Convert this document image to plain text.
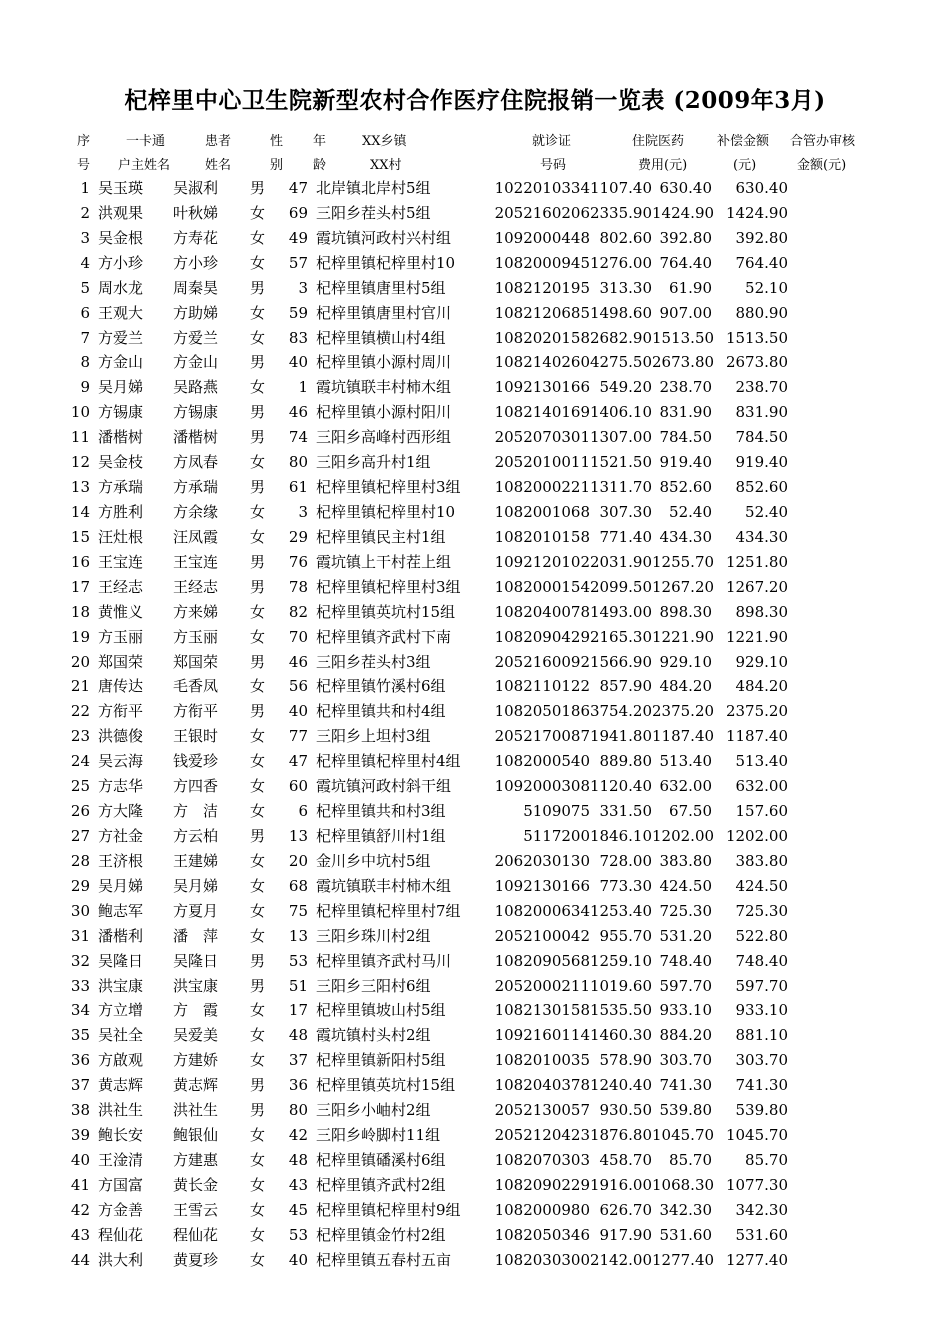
杞梓里中心卫生院新型农村合作医疗住院报销一览表 (2009年3月)
序	一卡通	患者	性 年	XX乡镇	就诊证	住院医药	补偿金额 合管办审核
号 户主姓名	姓名	别 龄	XX村	号码	费用(元)	(元)	金额(元)
1 吴玉瑛	吴淑利	男	47 北岸镇北岸村5组	1022010334 1107.40 630.40	630.40
2 洪观果	叶秋娣	女	69 三阳乡茬头村5组	2052160206 2335.90 1424.90 1424.90
3 吴金根	方寿花	女	49 霞坑镇河政村兴村组	1092000448 802.60 392.80	392.80
4 方小珍	方小珍	女	57 杞梓里镇杞梓里村10	1082000945 1276.00 764.40	764.40
5 周水龙	周秦昊	男	3 杞梓里镇唐里村5组	1082120195 313.30	61.90	52.10
6 王观大	方助娣	女	59 杞梓里镇唐里村官川	1082120685 1498.60 907.00	880.90
7 方爱兰	方爱兰	女	83 杞梓里镇横山村4组	1082020158 2682.90 1513.50 1513.50
8 方金山	方金山	男	40 杞梓里镇小源村周川	1082140260 4275.50 2673.80 2673.80
9 吴月娣	吴路燕	女	1 霞坑镇联丰村柿木组	1092130166 549.20 238.70	238.70
10 方锡康	方锡康	男	46 杞梓里镇小源村阳川	1082140169 1406.10 831.90	831.90
11 潘楷树	潘楷树	男	74 三阳乡高峰村西形组	2052070301 1307.00 784.50	784.50
12 吴金枝	方凤春	女	80 三阳乡高升村1组	2052010011 1521.50 919.40	919.40
13 方承瑞	方承瑞	男	61 杞梓里镇杞梓里村3组	1082000221 1311.70 852.60	852.60
14 方胜利	方余缘	女	3 杞梓里镇杞梓里村10	1082001068 307.30	52.40	52.40
15 汪灶根	汪凤霞	女	29 杞梓里镇民主村1组	1082010158 771.40 434.30	434.30
16 王宝连	王宝连	男	76 霞坑镇上干村茬上组	1092120102 2031.90 1255.70 1251.80
17 王经志	王经志	男	78 杞梓里镇杞梓里村3组	1082000154 2099.50 1267.20 1267.20
18 黄惟义	方来娣	女	82 杞梓里镇英坑村15组	1082040078 1493.00 898.30	898.30
19 方玉丽	方玉丽	女	70 杞梓里镇齐武村下南	1082090429 2165.30 1221.90 1221.90
20 郑国荣	郑国荣	男	46 三阳乡茬头村3组	2052160092 1566.90 929.10	929.10
21 唐传达	毛香凤	女	56 杞梓里镇竹溪村6组	1082110122 857.90 484.20	484.20
22 方衔平	方衔平	男	40 杞梓里镇共和村4组	1082050186 3754.20 2375.20 2375.20
23 洪德俊	王银时	女	77 三阳乡上坦村3组	2052170087 1941.80 1187.40 1187.40
24 吴云海	钱爱珍	女	47 杞梓里镇杞梓里村4组	1082000540 889.80 513.40	513.40
25 方志华	方四香	女	60 霞坑镇河政村斜干组	1092000308 1120.40 632.00	632.00
26 方大隆	方　洁	女	6 杞梓里镇共和村3组	5109075 331.50	67.50	157.60
27 方社金	方云柏	男	13 杞梓里镇舒川村1组	5117200 1846.10 1202.00 1202.00
28 王济根	王建娣	女	20 金川乡中坑村5组	2062030130 728.00 383.80	383.80
29 吴月娣	吴月娣	女	68 霞坑镇联丰村柿木组	1092130166 773.30 424.50	424.50
30 鲍志军	方夏月	女	75 杞梓里镇杞梓里村7组	1082000634 1253.40 725.30	725.30
31 潘楷利	潘　萍	女	13 三阳乡珠川村2组	2052100042 955.70 531.20	522.80
32 吴隆日	吴隆日	男	53 杞梓里镇齐武村马川	1082090568 1259.10 748.40	748.40
33 洪宝康	洪宝康	男	51 三阳乡三阳村6组	2052000211 1019.60 597.70	597.70
34 方立增	方　霞	女	17 杞梓里镇坡山村5组	1082130158 1535.50 933.10	933.10
35 吴社全	吴爱美	女	48 霞坑镇村头村2组	1092160114 1460.30 884.20	881.10
36 方啟观	方建娇	女	37 杞梓里镇新阳村5组	1082010035 578.90 303.70	303.70
37 黄志辉	黄志辉	男	36 杞梓里镇英坑村15组	1082040378 1240.40 741.30	741.30
38 洪社生	洪社生	男	80 三阳乡小岫村2组	2052130057 930.50 539.80	539.80
39 鲍长安	鲍银仙	女	42 三阳乡岭脚村11组	2052120423 1876.80 1045.70 1045.70
40 王淦清	方建惠	女	48 杞梓里镇磻溪村6组	1082070303 458.70	85.70	85.70
41 方国富	黄长金	女	43 杞梓里镇齐武村2组	1082090229 1916.00 1068.30 1077.30
42 方金善	王雪云	女	45 杞梓里镇杞梓里村9组	1082000980 626.70 342.30	342.30
43 程仙花	程仙花	女	53 杞梓里镇金竹村2组	1082050346 917.90 531.60	531.60
44 洪大利	黄夏珍	女	40 杞梓里镇五春村五亩	1082030300 2142.00 1277.40 1277.40
